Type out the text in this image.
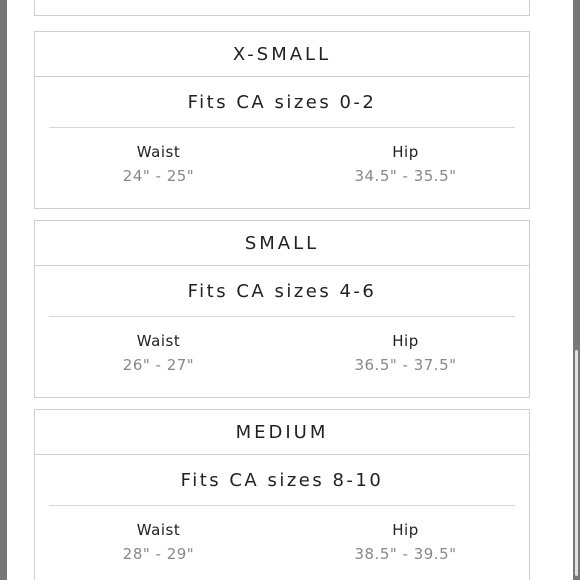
X-SMALL
Fits CA sizes 0-2
Waist
24" - 25"
Hip
34.5" - 35.5"
SMALL
Fits CA sizes 4-6
Waist
26" - 27"
Hip
36.5" - 37.5"
MEDIUM
Fits CA sizes 8-10
Waist
28" - 29"
Hip
38.5" - 39.5"
